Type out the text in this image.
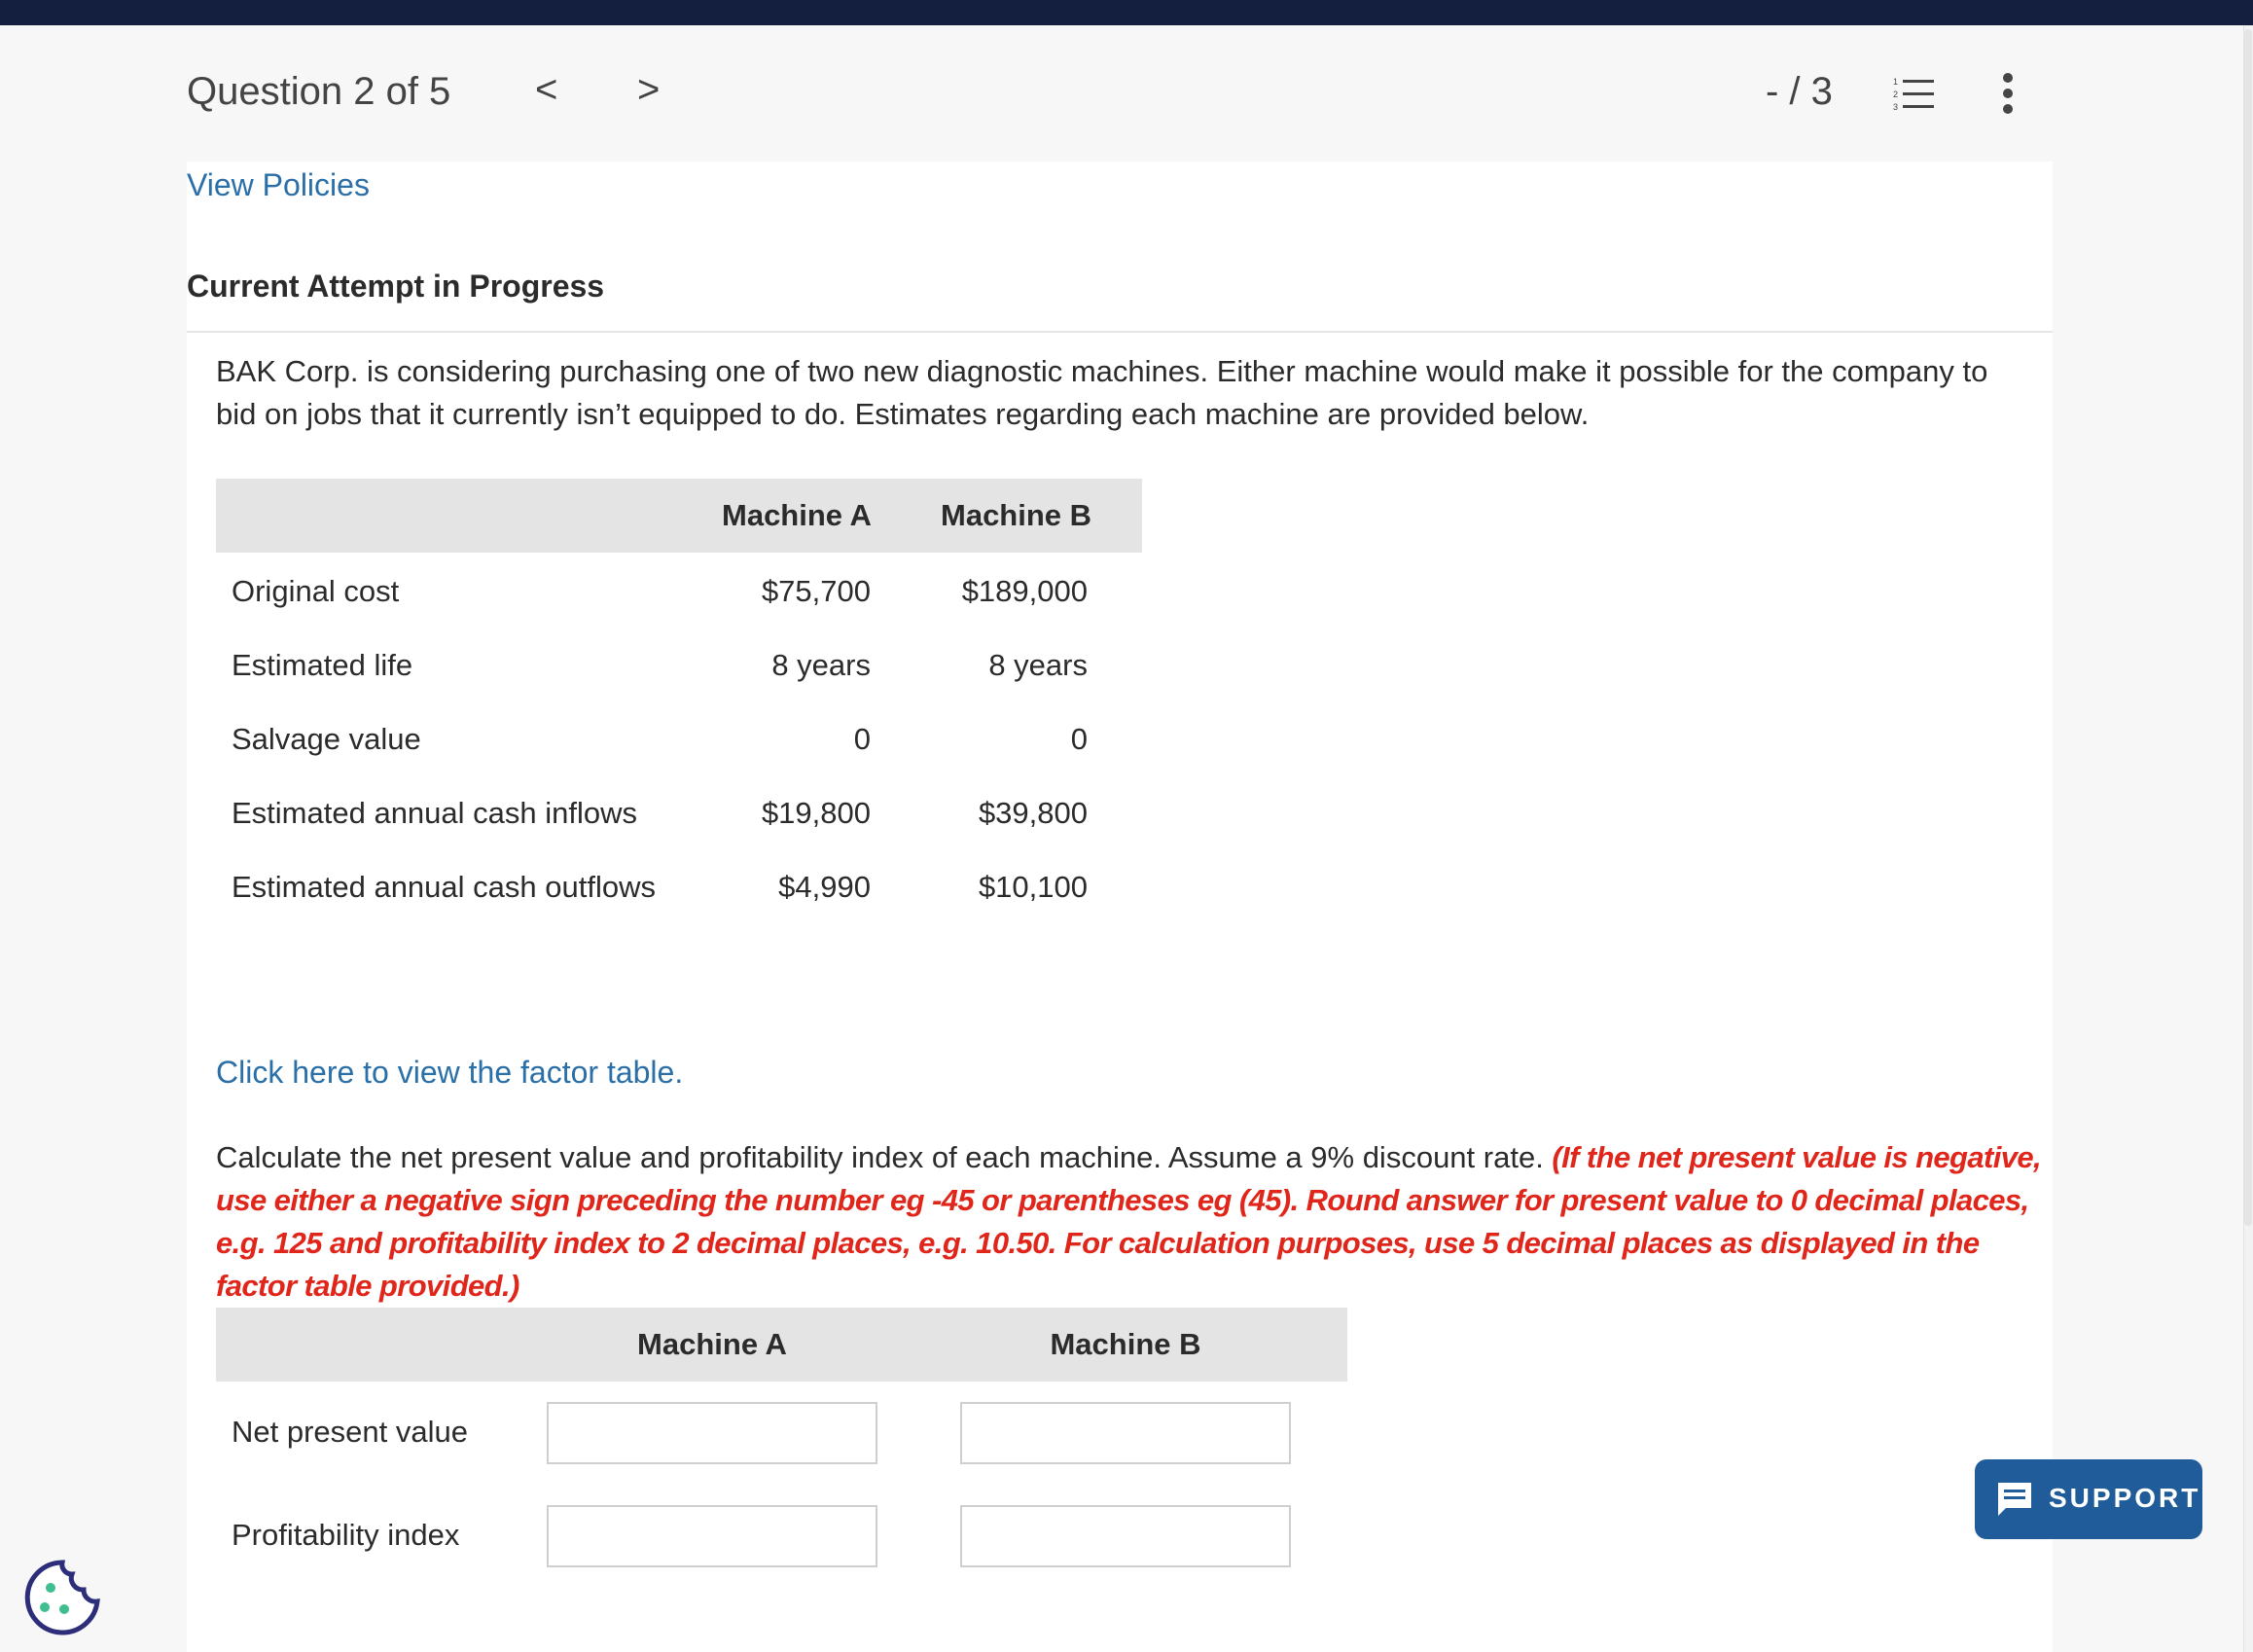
Question 2 of 5 < >	- / 3	1
2
3
View Policies
Current Attempt in Progress
BAK Corp. is considering purchasing one of two new diagnostic machines. Either machine would make it possible for the company to bid on jobs that it currently isn’t equipped to do. Estimates regarding each machine are provided below.
Machine A Machine B
Original cost	$75,700	$189,000
Estimated life	8 years	8 years
Salvage value	0	0
Estimated annual cash inflows	$19,800	$39,800
Estimated annual cash outflows	$4,990	$10,100
Click here to view the factor table.
Calculate the net present value and profitability index of each machine. Assume a 9% discount rate. (If the net present value is negative, use either a negative sign preceding the number eg -45 or parentheses eg (45). Round answer for present value to 0 decimal places, e.g. 125 and profitability index to 2 decimal places, e.g. 10.50. For calculation purposes, use 5 decimal places as displayed in the factor table provided.)
Machine A	Machine B
Net present value
Profitability index
SUPPORT
